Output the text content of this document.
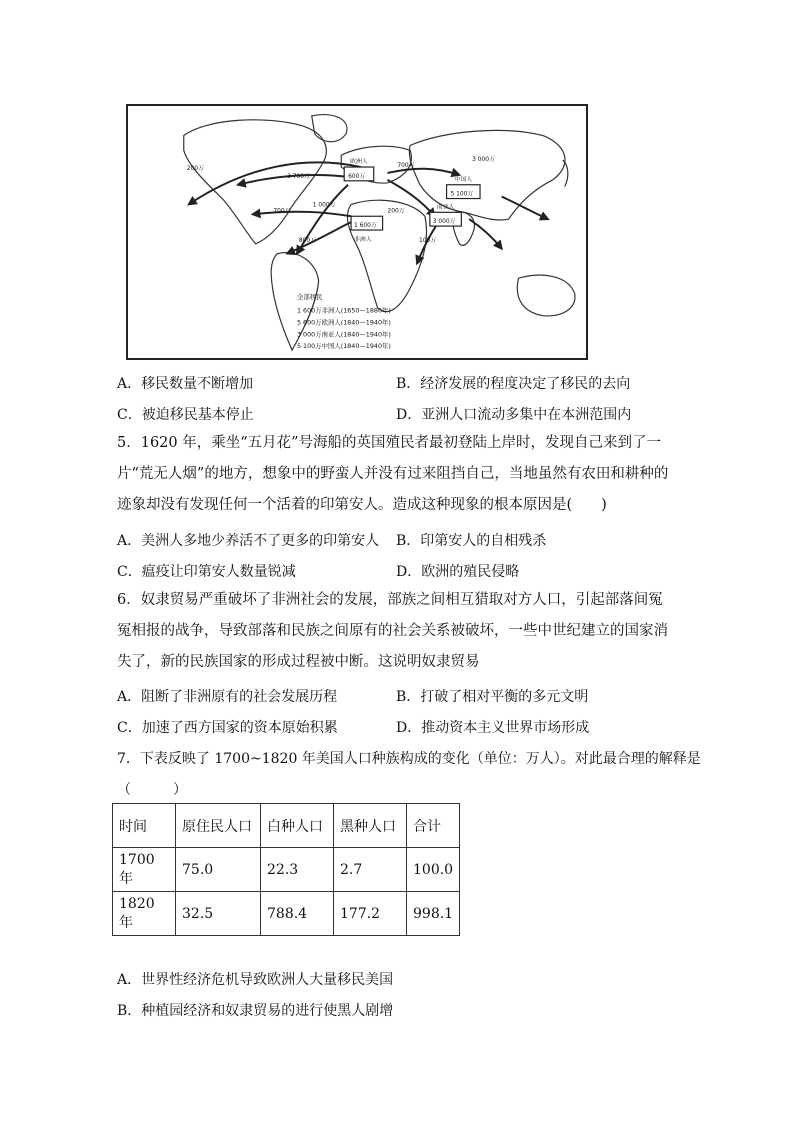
200万
3 700万	600万
700万
3 000万
5 100万
中国人
欧洲人
700万
1 000万
200万
南亚人
3 000万
1 600万
非洲人
800万	100万
全部移民
1 600万非洲人(1650—1880年)
5 600万欧洲人(1840—1940年)
3 000万南亚人(1840—1940年)
5 100万中国人(1840—1940年)
A．移民数量不断增加	B．经济发展的程度决定了移民的去向
C．被迫移民基本停止	D．亚洲人口流动多集中在本洲范围内
5．1620 年，乘坐“五月花”号海船的英国殖民者最初登陆上岸时，发现自己来到了一片“荒无人烟”的地方，想象中的野蛮人并没有过来阻挡自己，当地虽然有农田和耕种的迹象却没有发现任何一个活着的印第安人。造成这种现象的根本原因是(　　)
A．美洲人多地少养活不了更多的印第安人 B．印第安人的自相残杀
C．瘟疫让印第安人数量锐减	D．欧洲的殖民侵略
6．奴隶贸易严重破坏了非洲社会的发展，部族之间相互猎取对方人口，引起部落间冤冤相报的战争，导致部落和民族之间原有的社会关系被破坏，一些中世纪建立的国家消失了，新的民族国家的形成过程被中断。这说明奴隶贸易
A．阻断了非洲原有的社会发展历程	B．打破了相对平衡的多元文明
C．加速了西方国家的资本原始积累	D．推动资本主义世界市场形成
7．下表反映了 1700~1820 年美国人口种族构成的变化（单位：万人）。对此最合理的解释是
（　　　）
时间	原住民人口	白种人口	黑种人口	合计
1700 年	75.0	22.3	2.7	100.0
1820 年	32.5	788.4	177.2	998.1
A．世界性经济危机导致欧洲人大量移民美国
B．种植园经济和奴隶贸易的进行使黑人剧增
